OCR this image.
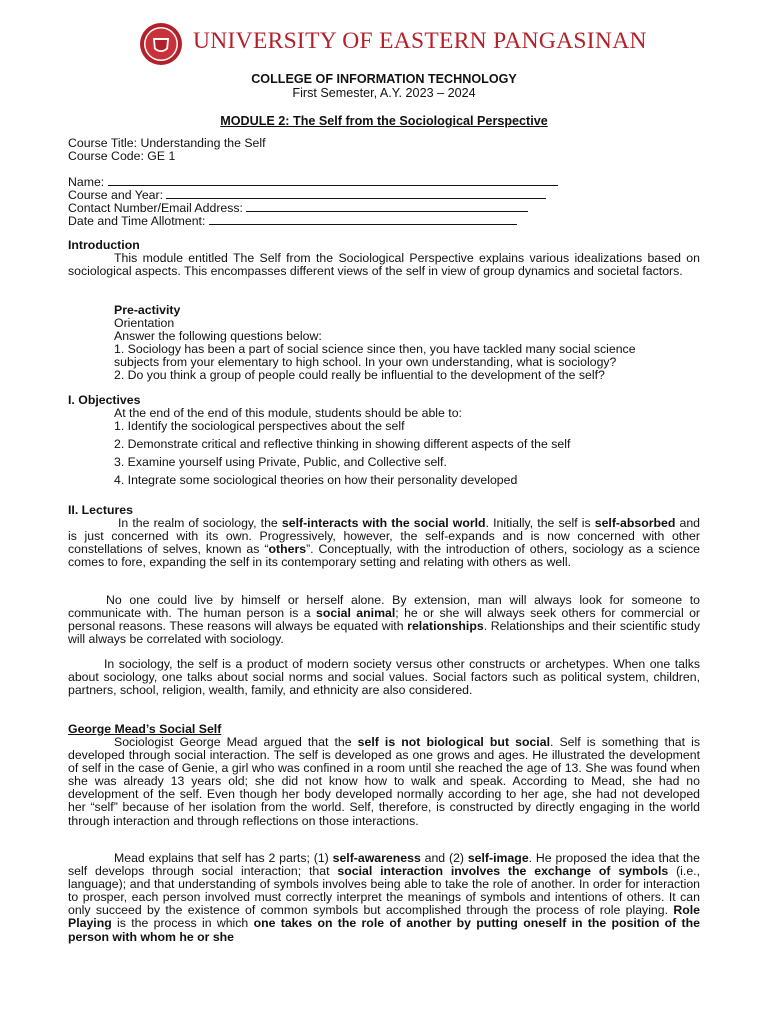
UNIVERSITY OF EASTERN PANGASINAN
COLLEGE OF INFORMATION TECHNOLOGY
First Semester, A.Y. 2023 – 2024
MODULE 2: The Self from the Sociological Perspective
Course Title: Understanding the Self
Course Code: GE 1
Name:
Course and Year:
Contact Number/Email Address:
Date and Time Allotment:
Introduction
This module entitled The Self from the Sociological Perspective explains various idealizations based on sociological aspects. This encompasses different views of the self in view of group dynamics and societal factors.
Pre-activity
Orientation
Answer the following questions below:
1. Sociology has been a part of social science since then, you have tackled many social science
subjects from your elementary to high school. In your own understanding, what is sociology?
2. Do you think a group of people could really be influential to the development of the self?
I. Objectives
At the end of the end of this module, students should be able to:
1. Identify the sociological perspectives about the self
2. Demonstrate critical and reflective thinking in showing different aspects of the self
3. Examine yourself using Private, Public, and Collective self.
4. Integrate some sociological theories on how their personality developed
II. Lectures
In the realm of sociology, the self-interacts with the social world. Initially, the self is self-absorbed and is just concerned with its own. Progressively, however, the self-expands and is now concerned with other constellations of selves, known as “others”. Conceptually, with the introduction of others, sociology as a science comes to fore, expanding the self in its contemporary setting and relating with others as well.
No one could live by himself or herself alone. By extension, man will always look for someone to communicate with. The human person is a social animal; he or she will always seek others for commercial or personal reasons. These reasons will always be equated with relationships. Relationships and their scientific study will always be correlated with sociology.
In sociology, the self is a product of modern society versus other constructs or archetypes. When one talks about sociology, one talks about social norms and social values. Social factors such as political system, children, partners, school, religion, wealth, family, and ethnicity are also considered.
George Mead’s Social Self
Sociologist George Mead argued that the self is not biological but social. Self is something that is developed through social interaction. The self is developed as one grows and ages. He illustrated the development of self in the case of Genie, a girl who was confined in a room until she reached the age of 13. She was found when she was already 13 years old; she did not know how to walk and speak. According to Mead, she had no development of the self. Even though her body developed normally according to her age, she had not developed her “self” because of her isolation from the world. Self, therefore, is constructed by directly engaging in the world through interaction and through reflections on those interactions.
Mead explains that self has 2 parts; (1) self-awareness and (2) self-image. He proposed the idea that the self develops through social interaction; that social interaction involves the exchange of symbols (i.e., language); and that understanding of symbols involves being able to take the role of another. In order for interaction to prosper, each person involved must correctly interpret the meanings of symbols and intentions of others. It can only succeed by the existence of common symbols but accomplished through the process of role playing. Role Playing is the process in which one takes on the role of another by putting oneself in the position of the person with whom he or she
